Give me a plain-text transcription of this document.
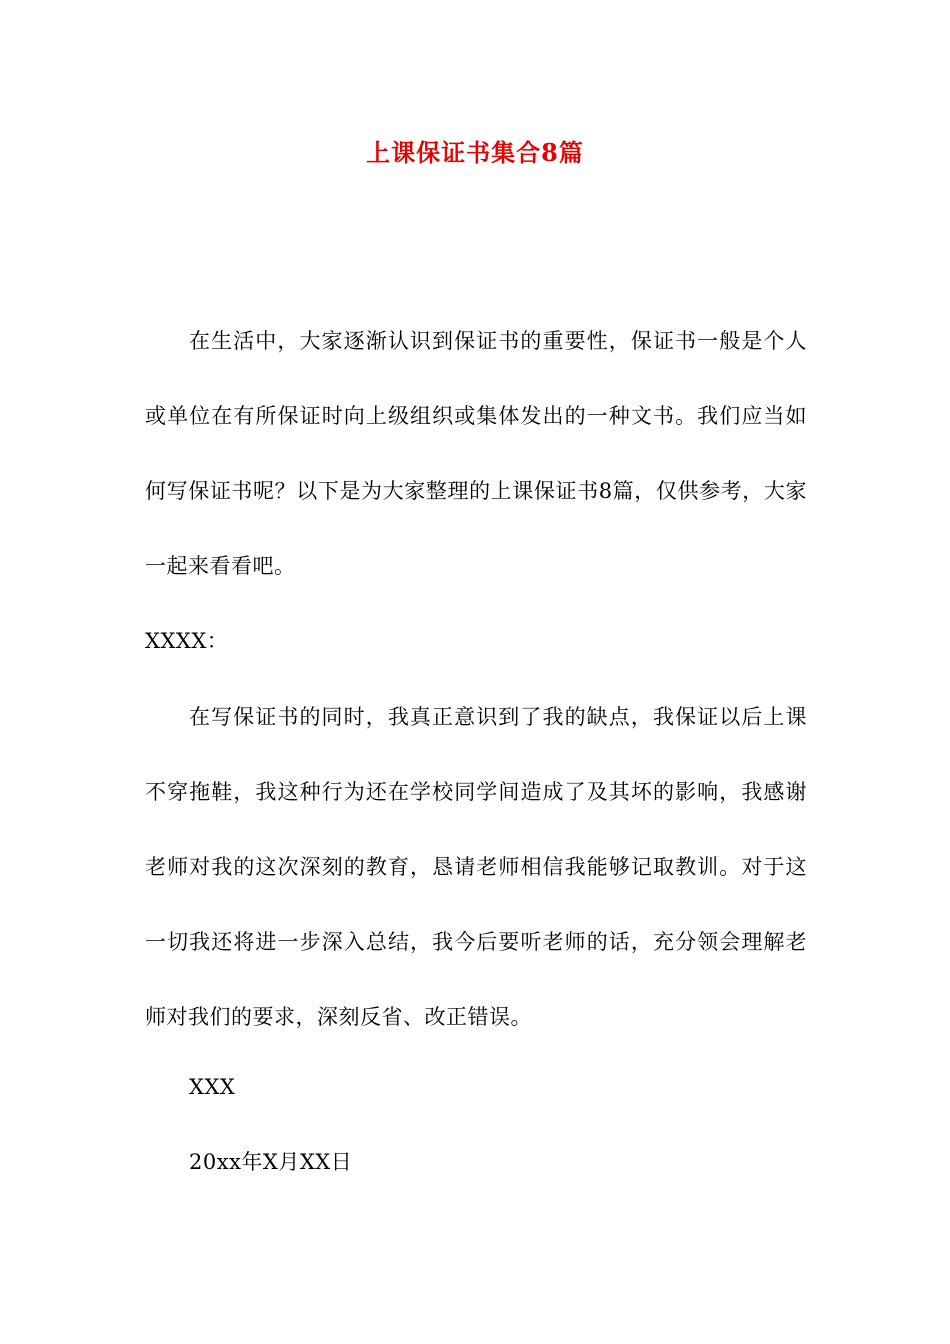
上课保证书集合8篇
在生活中，大家逐渐认识到保证书的重要性，保证书一般是个人或单位在有所保证时向上级组织或集体发出的一种文书。我们应当如何写保证书呢？以下是为大家整理的上课保证书8篇，仅供参考，大家一起来看看吧。
XXXX：
在写保证书的同时，我真正意识到了我的缺点，我保证以后上课不穿拖鞋，我这种行为还在学校同学间造成了及其坏的影响，我感谢老师对我的这次深刻的教育，恳请老师相信我能够记取教训。对于这一切我还将进一步深入总结，我今后要听老师的话，充分领会理解老师对我们的要求，深刻反省、改正错误。
XXX
20xx年X月XX日
